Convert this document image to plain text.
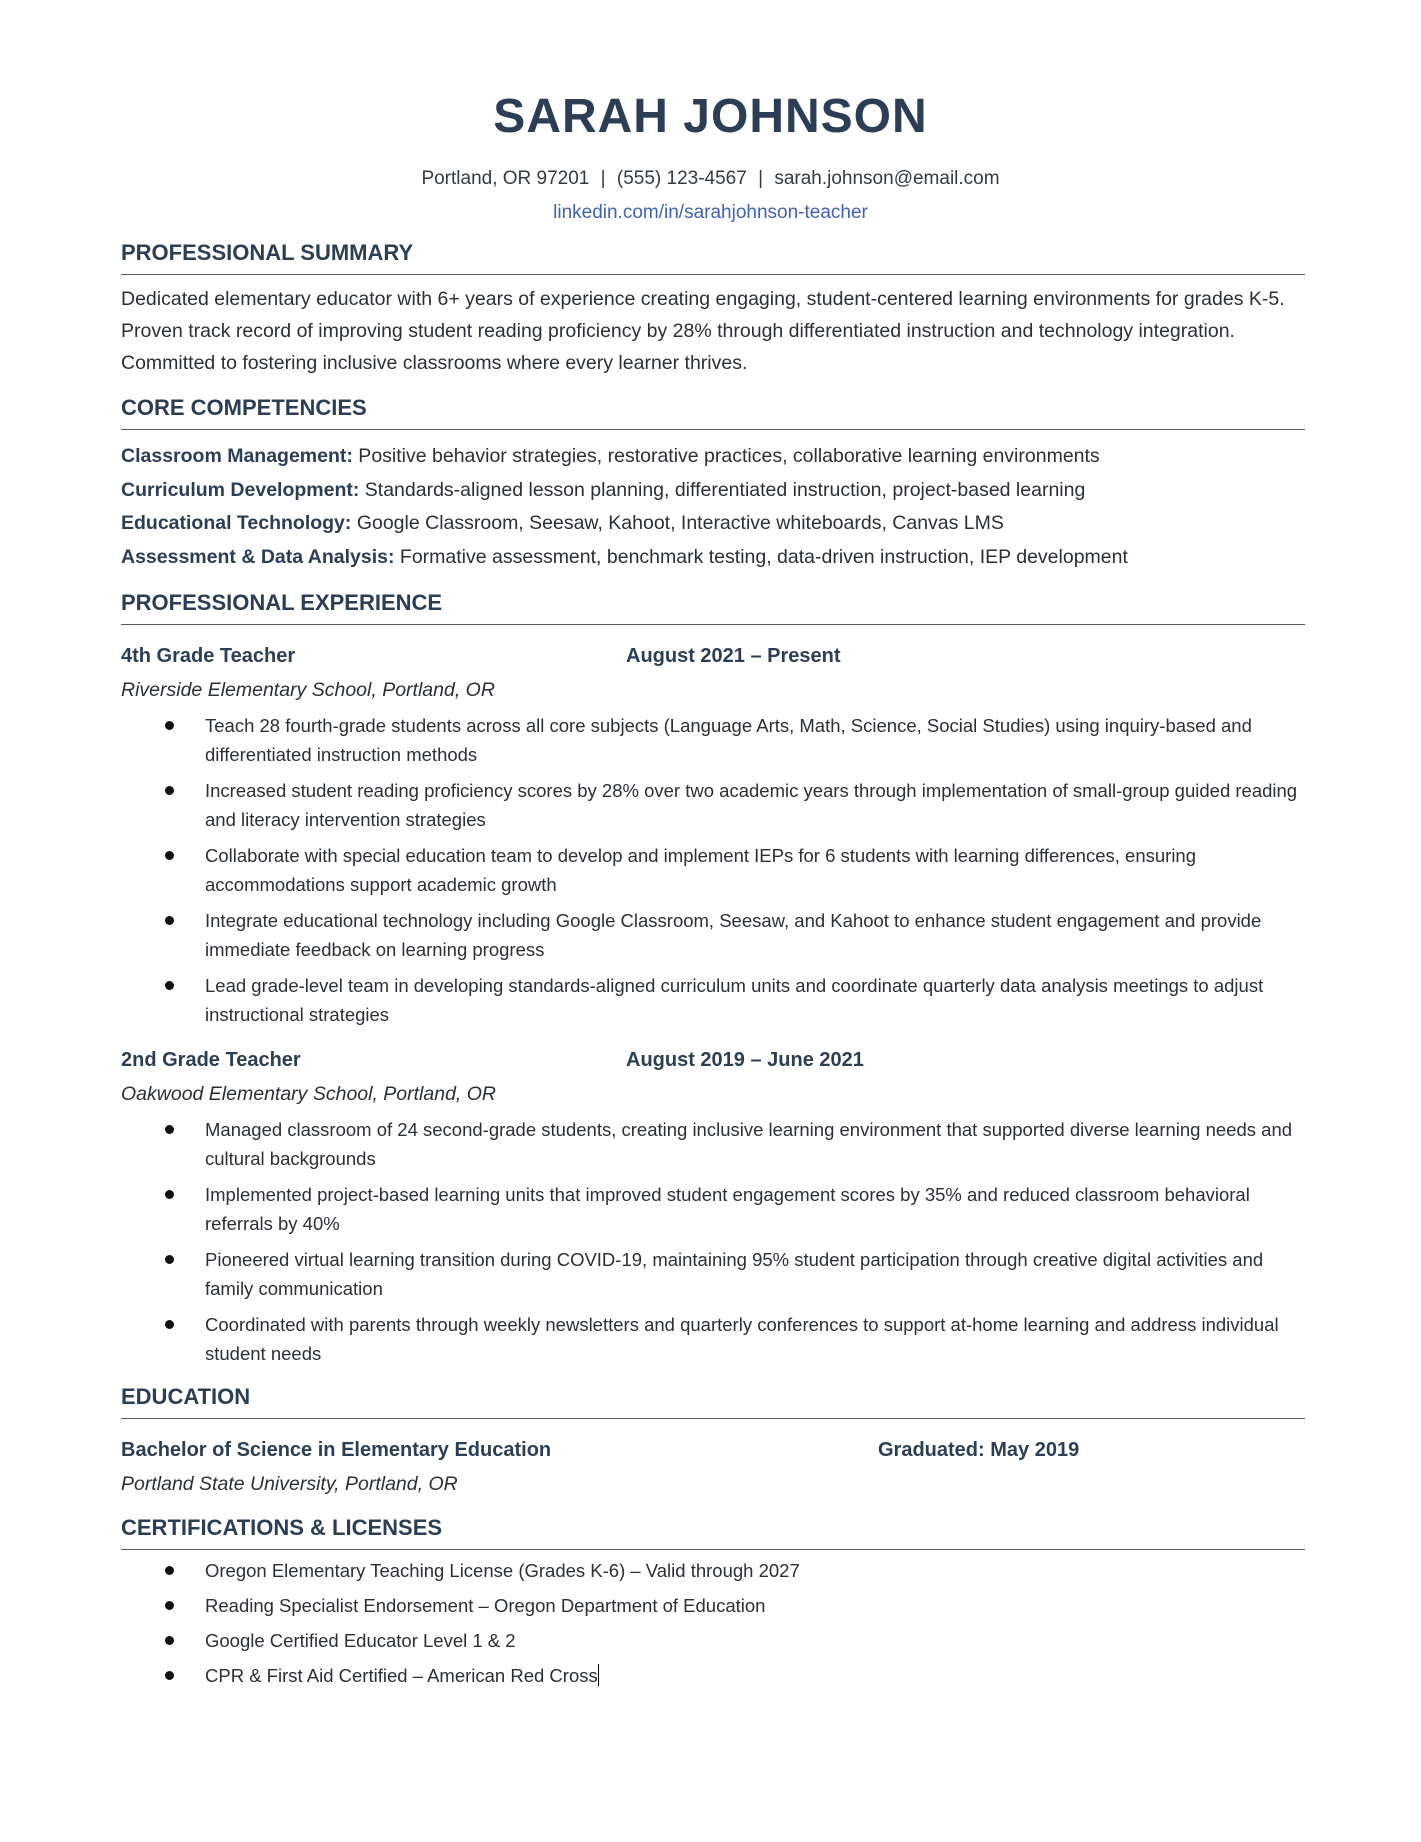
SARAH JOHNSON
Portland, OR 97201 | (555) 123-4567 | sarah.johnson@email.com
linkedin.com/in/sarahjohnson-teacher
PROFESSIONAL SUMMARY

Dedicated elementary educator with 6+ years of experience creating engaging, student-centered learning environments for grades K-5. Proven track record of improving student reading proficiency by 28% through differentiated instruction and technology integration. Committed to fostering inclusive classrooms where every learner thrives.

CORE COMPETENCIES
Classroom Management: Positive behavior strategies, restorative practices, collaborative learning environments
Curriculum Development: Standards-aligned lesson planning, differentiated instruction, project-based learning
Educational Technology: Google Classroom, Seesaw, Kahoot, Interactive whiteboards, Canvas LMS
Assessment & Data Analysis: Formative assessment, benchmark testing, data-driven instruction, IEP development
PROFESSIONAL EXPERIENCE
4th Grade Teacher	August 2021 – Present
Riverside Elementary School, Portland, OR
Teach 28 fourth-grade students across all core subjects (Language Arts, Math, Science, Social Studies) using inquiry-based and differentiated instruction methods
Increased student reading proficiency scores by 28% over two academic years through implementation of small-group guided reading and literacy intervention strategies
Collaborate with special education team to develop and implement IEPs for 6 students with learning differences, ensuring accommodations support academic growth
Integrate educational technology including Google Classroom, Seesaw, and Kahoot to enhance student engagement and provide immediate feedback on learning progress
Lead grade-level team in developing standards-aligned curriculum units and coordinate quarterly data analysis meetings to adjust instructional strategies
2nd Grade Teacher	August 2019 – June 2021
Oakwood Elementary School, Portland, OR
Managed classroom of 24 second-grade students, creating inclusive learning environment that supported diverse learning needs and cultural backgrounds
Implemented project-based learning units that improved student engagement scores by 35% and reduced classroom behavioral referrals by 40%
Pioneered virtual learning transition during COVID-19, maintaining 95% student participation through creative digital activities and family communication
Coordinated with parents through weekly newsletters and quarterly conferences to support at-home learning and address individual student needs
EDUCATION
Bachelor of Science in Elementary Education	Graduated: May 2019
Portland State University, Portland, OR
CERTIFICATIONS & LICENSES
Oregon Elementary Teaching License (Grades K-6) – Valid through 2027
Reading Specialist Endorsement – Oregon Department of Education
Google Certified Educator Level 1 & 2
CPR & First Aid Certified – American Red Cross
